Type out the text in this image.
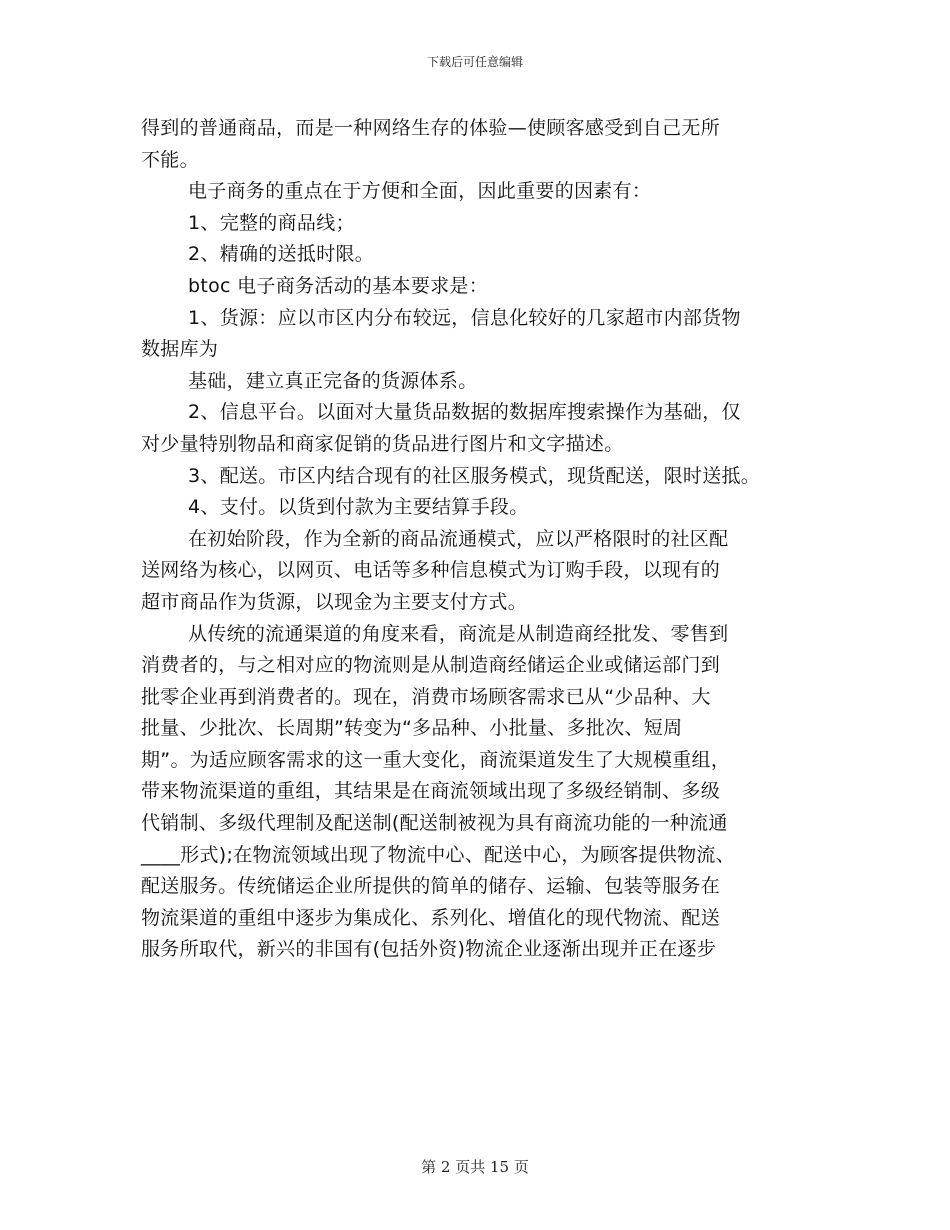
下载后可任意编辑
得到的普通商品，而是一种网络生存的体验—使顾客感受到自己无所
不能。
电子商务的重点在于方便和全面，因此重要的因素有：
1、完整的商品线；
2、精确的送抵时限。
btoc 电子商务活动的基本要求是：
1、货源：应以市区内分布较远，信息化较好的几家超市内部货物
数据库为
基础，建立真正完备的货源体系。
2、信息平台。以面对大量货品数据的数据库搜索操作为基础，仅
对少量特别物品和商家促销的货品进行图片和文字描述。
3、配送。市区内结合现有的社区服务模式，现货配送，限时送抵。
4、支付。以货到付款为主要结算手段。
在初始阶段，作为全新的商品流通模式，应以严格限时的社区配
送网络为核心，以网页、电话等多种信息模式为订购手段，以现有的
超市商品作为货源，以现金为主要支付方式。
从传统的流通渠道的角度来看，商流是从制造商经批发、零售到
消费者的，与之相对应的物流则是从制造商经储运企业或储运部门到
批零企业再到消费者的。现在，消费市场顾客需求已从“少品种、大
批量、少批次、长周期”转变为“多品种、小批量、多批次、短周
期”。为适应顾客需求的这一重大变化，商流渠道发生了大规模重组，
带来物流渠道的重组，其结果是在商流领域出现了多级经销制、多级
代销制、多级代理制及配送制(配送制被视为具有商流功能的一种流通
____形式);在物流领域出现了物流中心、配送中心，为顾客提供物流、
配送服务。传统储运企业所提供的简单的储存、运输、包装等服务在
物流渠道的重组中逐步为集成化、系列化、增值化的现代物流、配送
服务所取代，新兴的非国有(包括外资)物流企业逐渐出现并正在逐步
第 2 页共 15 页
